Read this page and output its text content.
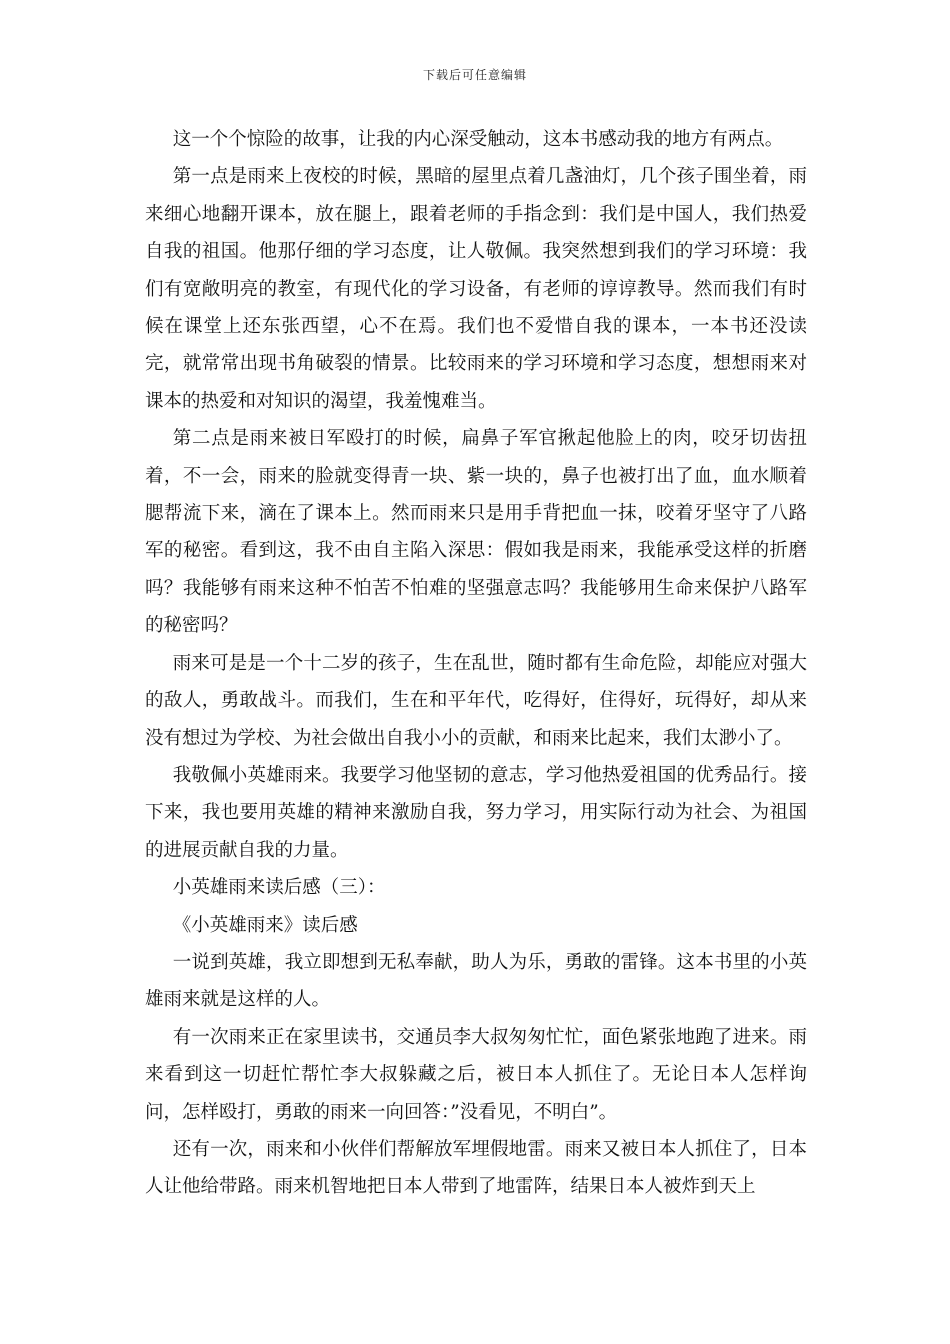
下载后可任意编辑

这一个个惊险的故事，让我的内心深受触动，这本书感动我的地方有两点。

第一点是雨来上夜校的时候，黑暗的屋里点着几盏油灯，几个孩子围坐着，雨来细心地翻开课本，放在腿上，跟着老师的手指念到：我们是中国人，我们热爱自我的祖国。他那仔细的学习态度，让人敬佩。我突然想到我们的学习环境：我们有宽敞明亮的教室，有现代化的学习设备，有老师的谆谆教导。然而我们有时候在课堂上还东张西望，心不在焉。我们也不爱惜自我的课本，一本书还没读完，就常常出现书角破裂的情景。比较雨来的学习环境和学习态度，想想雨来对课本的热爱和对知识的渴望，我羞愧难当。

第二点是雨来被日军殴打的时候，扁鼻子军官揪起他脸上的肉，咬牙切齿扭着，不一会，雨来的脸就变得青一块、紫一块的，鼻子也被打出了血，血水顺着腮帮流下来，滴在了课本上。然而雨来只是用手背把血一抹，咬着牙坚守了八路军的秘密。看到这，我不由自主陷入深思：假如我是雨来，我能承受这样的折磨吗？我能够有雨来这种不怕苦不怕难的坚强意志吗？我能够用生命来保护八路军的秘密吗？

雨来可是是一个十二岁的孩子，生在乱世，随时都有生命危险，却能应对强大的敌人，勇敢战斗。而我们，生在和平年代，吃得好，住得好，玩得好，却从来没有想过为学校、为社会做出自我小小的贡献，和雨来比起来，我们太渺小了。

我敬佩小英雄雨来。我要学习他坚韧的意志，学习他热爱祖国的优秀品行。接下来，我也要用英雄的精神来激励自我，努力学习，用实际行动为社会、为祖国的进展贡献自我的力量。

小英雄雨来读后感（三）：

《小英雄雨来》读后感

一说到英雄，我立即想到无私奉献，助人为乐，勇敢的雷锋。这本书里的小英雄雨来就是这样的人。

有一次雨来正在家里读书，交通员李大叔匆匆忙忙，面色紧张地跑了进来。雨来看到这一切赶忙帮忙李大叔躲藏之后，被日本人抓住了。无论日本人怎样询问，怎样殴打，勇敢的雨来一向回答：”没看见，不明白”。

还有一次，雨来和小伙伴们帮解放军埋假地雷。雨来又被日本人抓住了，日本人让他给带路。雨来机智地把日本人带到了地雷阵，结果日本人被炸到天上
